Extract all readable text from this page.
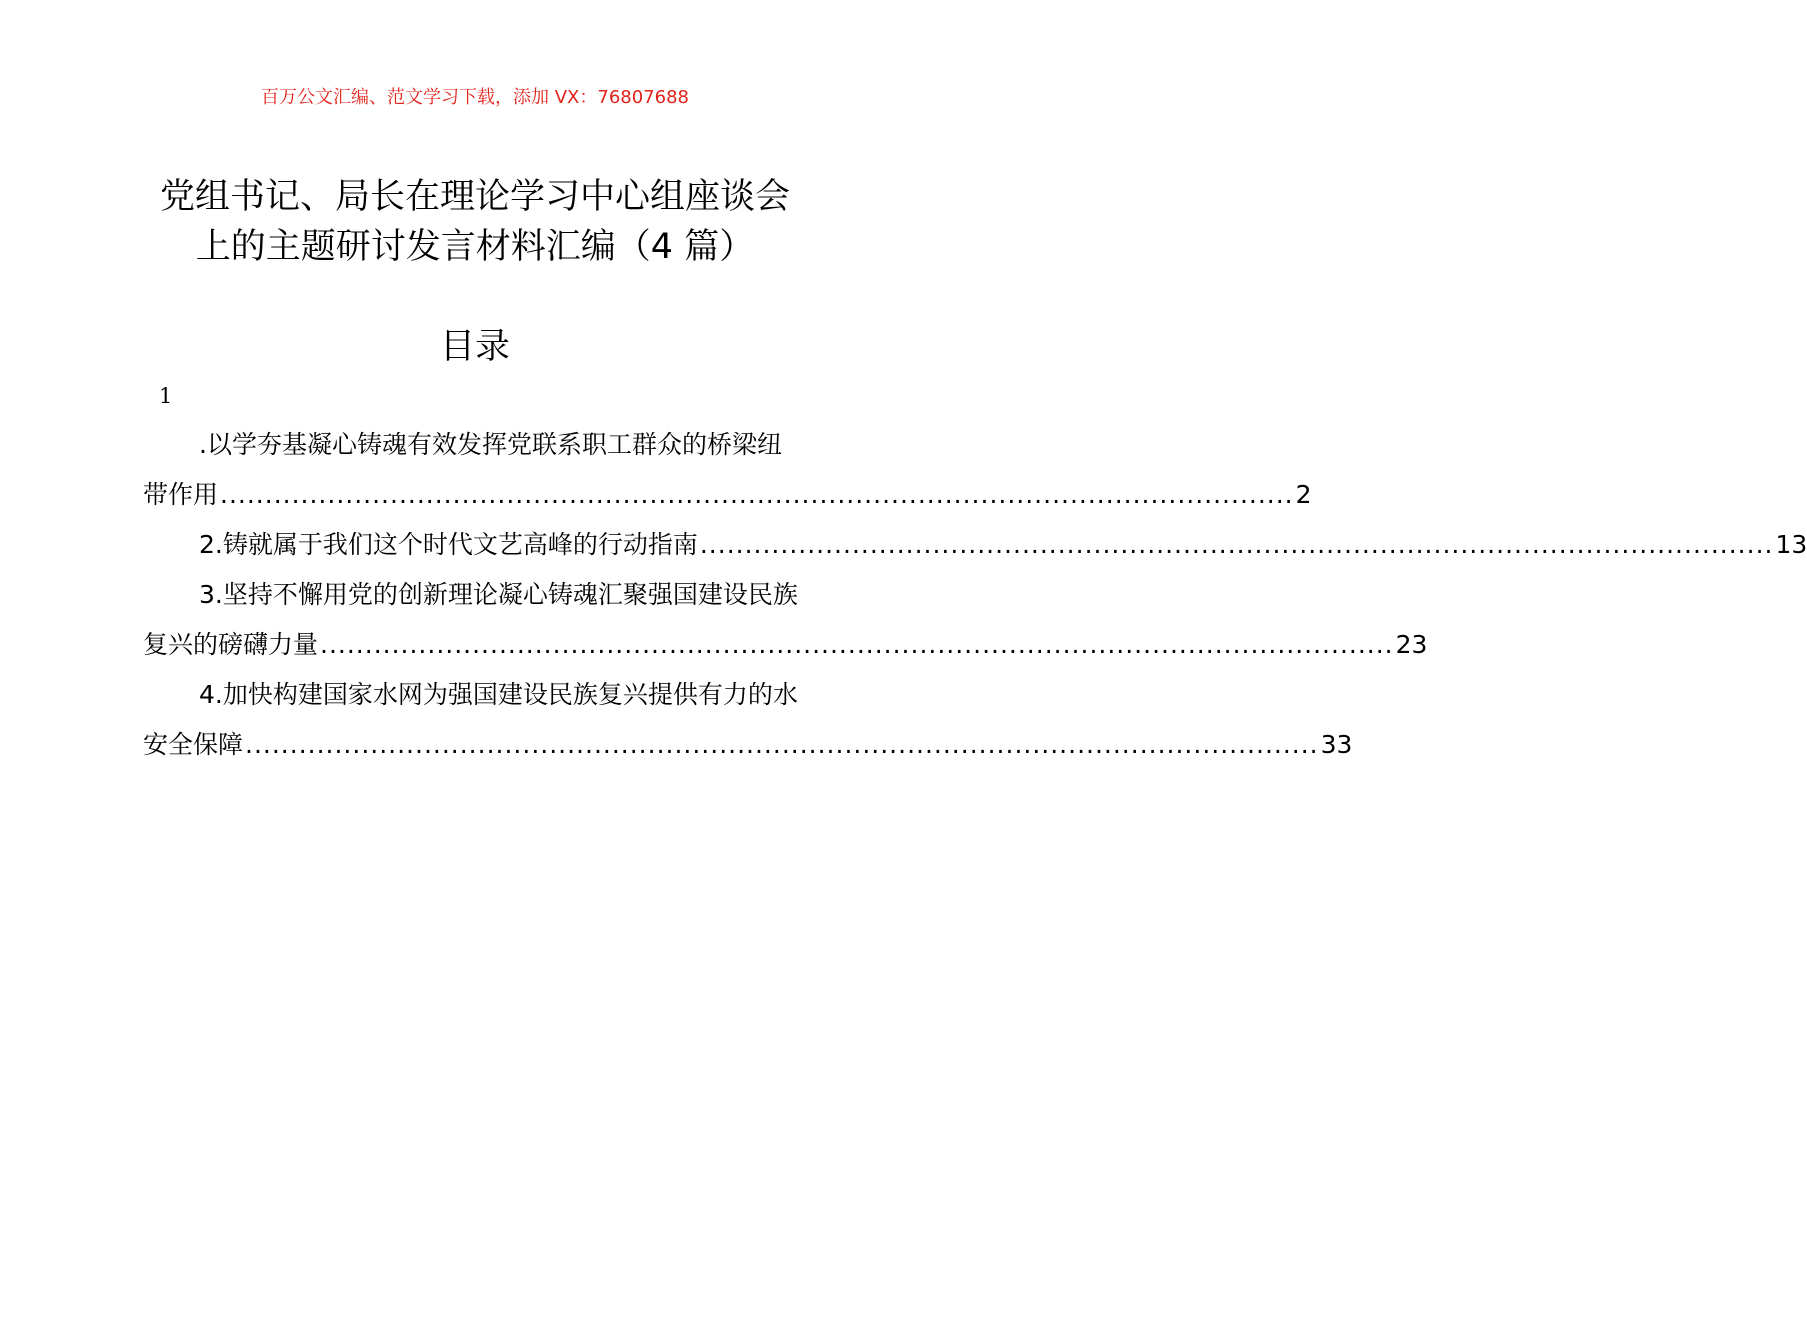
百万公文汇编、范文学习下载，添加 VX：76807688
党组书记、局长在理论学习中心组座谈会
上的主题研讨发言材料汇编（4 篇）
目录
1
.以学夯基凝心铸魂有效发挥党联系职工群众的桥梁纽
带作用 ........................................................................................................................ 2
2.铸就属于我们这个时代文艺高峰的行动指南 ........................................................................................................................ 13
3.坚持不懈用党的创新理论凝心铸魂汇聚强国建设民族
复兴的磅礴力量 ........................................................................................................................ 23
4.加快构建国家水网为强国建设民族复兴提供有力的水
安全保障 ........................................................................................................................ 33
